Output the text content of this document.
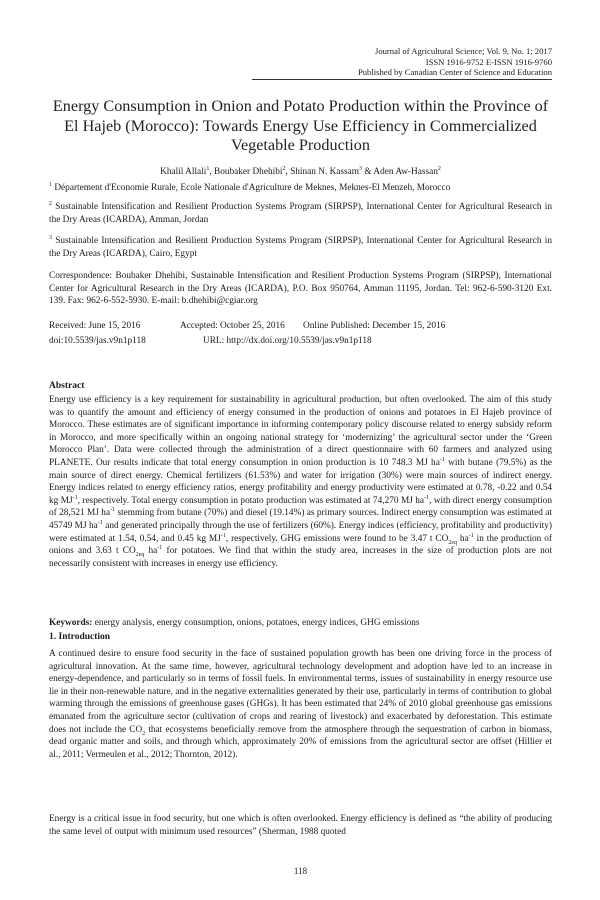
Journal of Agricultural Science; Vol. 9, No. 1; 2017
ISSN 1916-9752 E-ISSN 1916-9760
Published by Canadian Center of Science and Education
Energy Consumption in Onion and Potato Production within the Province of El Hajeb (Morocco): Towards Energy Use Efficiency in Commercialized Vegetable Production
Khalil Allali$^1$, Boubaker Dhehibi$^2$, Shinan N. Kassam$^3$ & Aden Aw-Hassan$^2$
$^1$ Département d'Economie Rurale, Ecole Nationale d'Agriculture de Meknes, Meknes-El Menzeh, Morocco
$^2$ Sustainable Intensification and Resilient Production Systems Program (SIRPSP), International Center for Agricultural Research in the Dry Areas (ICARDA), Amman, Jordan
$^3$ Sustainable Intensification and Resilient Production Systems Program (SIRPSP), International Center for Agricultural Research in the Dry Areas (ICARDA), Cairo, Egypt
Correspondence: Boubaker Dhehibi, Sustainable Intensification and Resilient Production Systems Program (SIRPSP), International Center for Agricultural Research in the Dry Areas (ICARDA), P.O. Box 950764, Amman 11195, Jordan. Tel: 962-6-590-3120 Ext. 139. Fax: 962-6-552-5930. E-mail: b.dhehibi@cgiar.org
Received: June 15, 2016	Accepted: October 25, 2016 Online Published: December 15, 2016
doi:10.5539/jas.v9n1p118	URL: http://dx.doi.org/10.5539/jas.v9n1p118
Abstract
Energy use efficiency is a key requirement for sustainability in agricultural production, but often overlooked. The aim of this study was to quantify the amount and efficiency of energy consumed in the production of onions and potatoes in El Hajeb province of Morocco. These estimates are of significant importance in informing contemporary policy discourse related to energy subsidy reform in Morocco, and more specifically within an ongoing national strategy for ‘modernizing’ the agricultural sector under the ‘Green Morocco Plan’. Data were collected through the administration of a direct questionnaire with 60 farmers and analyzed using PLANETE. Our results indicate that total energy consumption in onion production is 10 748.3 MJ $ha^{-1}$ with butane (79.5%) as the main source of direct energy. Chemical fertilizers (61.53%) and water for irrigation (30%) were main sources of indirect energy. Energy indices related to energy efficiency ratios, energy profitability and energy productivity were estimated at 0.78, -0.22 and 0.54 kg $MJ^{-1}$, respectively. Total energy consumption in potato production was estimated at 74,270 MJ $ha^{-1}$, with direct energy consumption of 28,521 MJ $ha^{-1}$ stemming from butane (70%) and diesel (19.14%) as primary sources. Indirect energy consumption was estimated at 45749 MJ $ha^{-1}$ and generated principally through the use of fertilizers (60%). Energy indices (efficiency, profitability and productivity) were estimated at 1.54, 0.54, and 0.45 kg $MJ^{-1}$, respectively. GHG emissions were found to be 3.47 t $CO_{2eq}$ $ha^{-1}$ in the production of onions and 3.63 t $CO_{2eq}$ $ha^{-1}$ for potatoes. We find that within the study area, increases in the size of production plots are not necessarily consistent with increases in energy use efficiency.
Keywords: energy analysis, energy consumption, onions, potatoes, energy indices, GHG emissions
1. Introduction
A continued desire to ensure food security in the face of sustained population growth has been one driving force in the process of agricultural innovation. At the same time, however, agricultural technology development and adoption have led to an increase in energy-dependence, and particularly so in terms of fossil fuels. In environmental terms, issues of sustainability in energy resource use lie in their non-renewable nature, and in the negative externalities generated by their use, particularly in terms of contribution to global warming through the emissions of greenhouse gases (GHGs). It has been estimated that 24% of 2010 global greenhouse gas emissions emanated from the agriculture sector (cultivation of crops and rearing of livestock) and exacerbated by deforestation. This estimate does not include the $CO_2$ that ecosystems beneficially remove from the atmosphere through the sequestration of carbon in biomass, dead organic matter and soils, and through which, approximately 20% of emissions from the agricultural sector are offset (Hillier et al., 2011; Vermeulen et al., 2012; Thornton, 2012).
Energy is a critical issue in food security, but one which is often overlooked. Energy efficiency is defined as “the ability of producing the same level of output with minimum used resources” (Sherman, 1988 quoted
118
